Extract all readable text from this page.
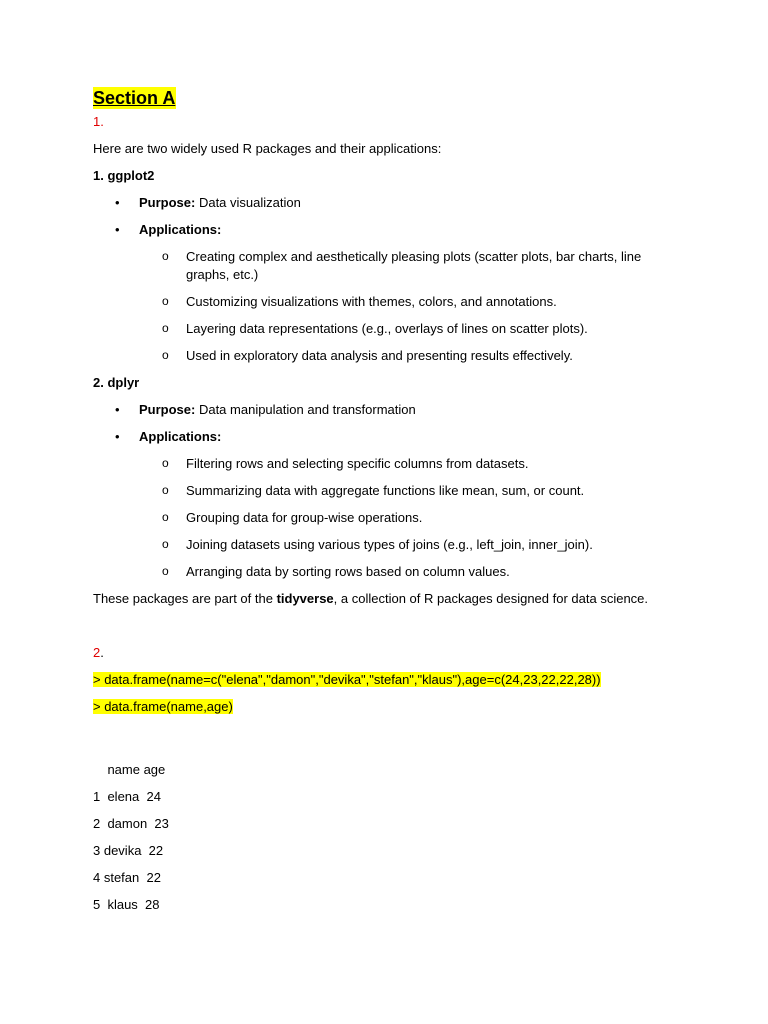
Section A
1.
Here are two widely used R packages and their applications:
1. ggplot2
• Purpose: Data visualization
• Applications:
o Creating complex and aesthetically pleasing plots (scatter plots, bar charts, line graphs, etc.)
o Customizing visualizations with themes, colors, and annotations.
o Layering data representations (e.g., overlays of lines on scatter plots).
o Used in exploratory data analysis and presenting results effectively.
2. dplyr
• Purpose: Data manipulation and transformation
• Applications:
o Filtering rows and selecting specific columns from datasets.
o Summarizing data with aggregate functions like mean, sum, or count.
o Grouping data for group-wise operations.
o Joining datasets using various types of joins (e.g., left_join, inner_join).
o Arranging data by sorting rows based on column values.
These packages are part of the tidyverse, a collection of R packages designed for data science.
2.
> data.frame(name=c("elena","damon","devika","stefan","klaus"),age=c(24,23,22,22,28))
> data.frame(name,age)
name age
1  elena  24
2  damon  23
3 devika  22
4 stefan  22
5  klaus  28
